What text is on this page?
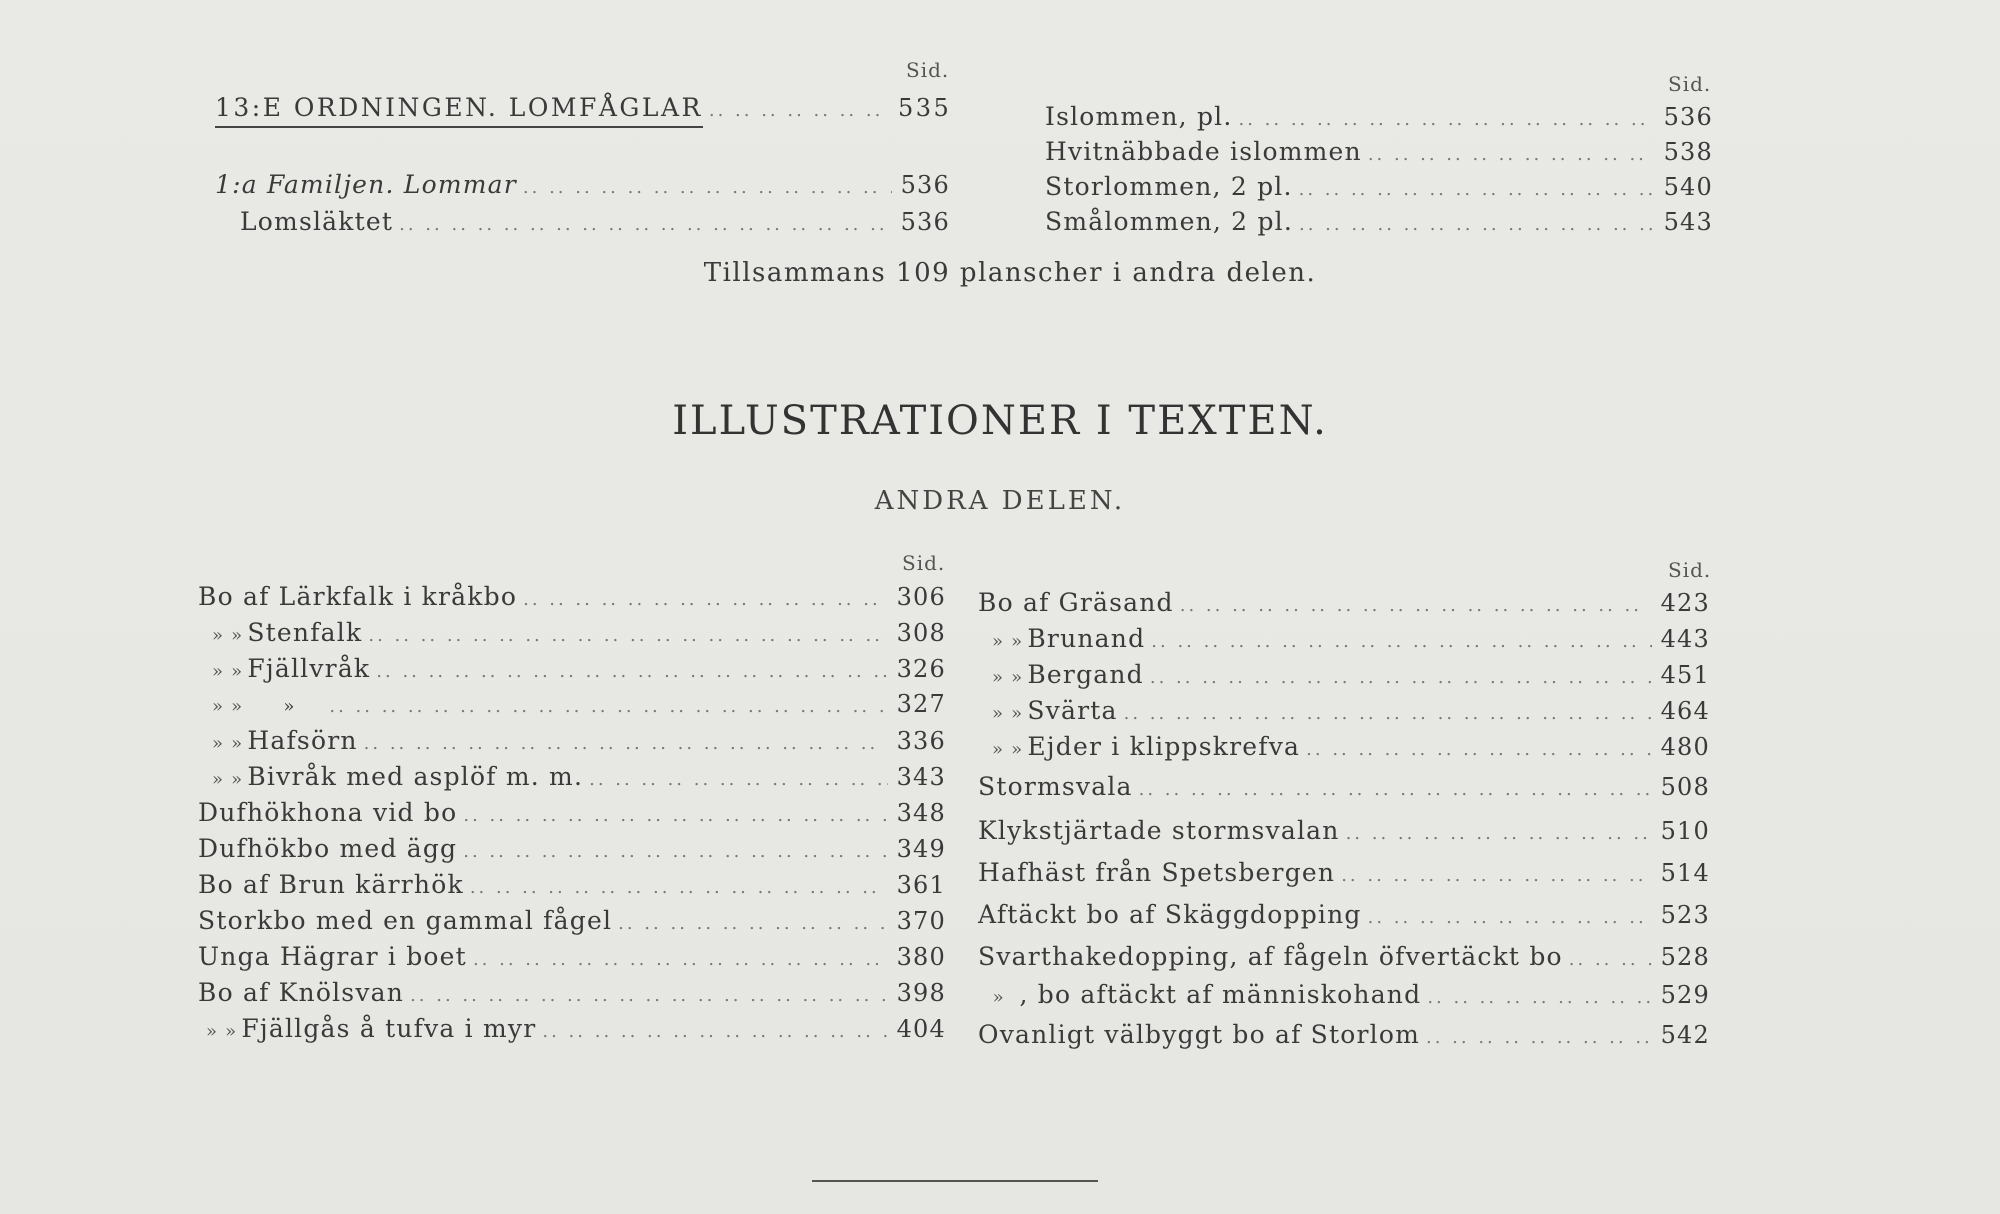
Sid.
13:E ORDNINGEN. LOMFÅGLAR .. ..	535
1:a Familjen. Lommar .. ..	536
Lomsläktet .. ..	536
Sid.
Islommen, pl. .. ..	536
Hvitnäbbade islommen .. ..	538
Storlommen, 2 pl. .. ..	540
Smålommen, 2 pl. .. ..	543
Tillsammans 109 planscher i andra delen.
ILLUSTRATIONER I TEXTEN.
ANDRA DELEN.
Sid.
Bo af Lärkfalk i kråkbo .. ..	306
» » Stenfalk .. ..	308
» » Fjällvråk .. ..	326
» » » .. ..	327
» » Hafsörn .. ..	336
» » Bivråk med asplöf m. m. .. ..	343
Dufhökhona vid bo .. ..	348
Dufhökbo med ägg .. ..	349
Bo af Brun kärrhök .. ..	361
Storkbo med en gammal fågel .. ..	370
Unga Hägrar i boet .. ..	380
Bo af Knölsvan .. ..	398
» » Fjällgås å tufva i myr .. ..	404
Sid.
Bo af Gräsand .. ..	423
» » Brunand .. ..	443
» » Bergand .. ..	451
» » Svärta .. ..	464
» » Ejder i klippskrefva .. ..	480
Stormsvala .. ..	508
Klykstjärtade stormsvalan .. ..	510
Hafhäst från Spetsbergen .. ..	514
Aftäckt bo af Skäggdopping .. ..	523
Svarthakedopping, af fågeln öfvertäckt bo .. ..	528
» , bo aftäckt af människohand .. ..	529
Ovanligt välbyggt bo af Storlom .. ..	542
